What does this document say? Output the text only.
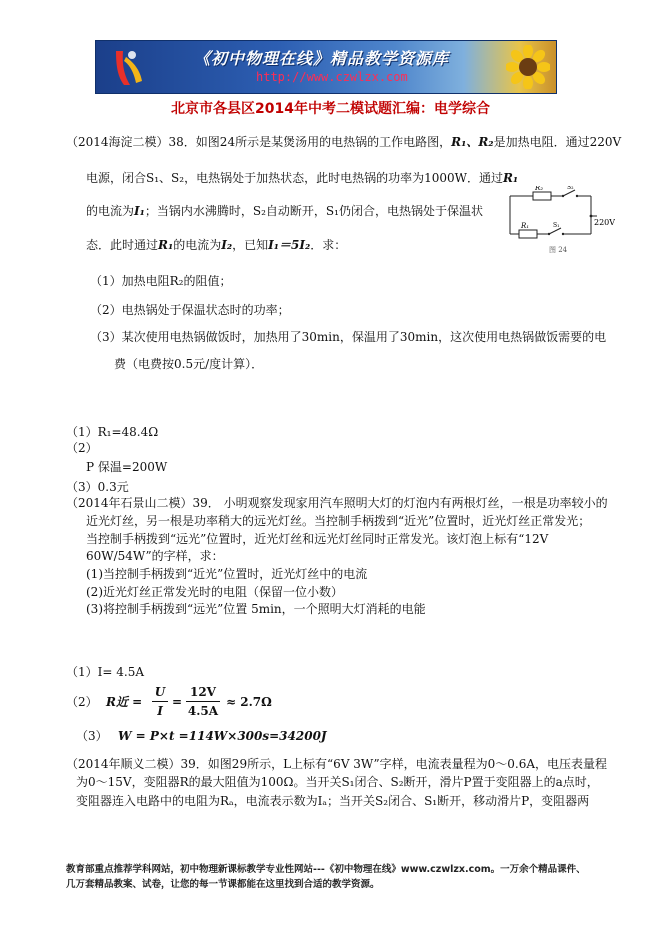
《初中物理在线》精品教学资源库
http://www.czwlzx.com
北京市各县区2014年中考二模试题汇编：电学综合
（2014海淀二模）38．如图24所示是某煲汤用的电热锅的工作电路图，R₁、R₂是加热电阻．通过220V
电源，闭合S₁、S₂，电热锅处于加热状态，此时电热锅的功率为1000W．通过R₁
的电流为I₁；当锅内水沸腾时，S₂自动断开，S₁仍闭合，电热锅处于保温状
态．此时通过R₁的电流为I₂，已知I₁＝5I₂．求：
R₂	S₂
R₁	S₁	220V
图 24
（1）加热电阻R₂的阻值；
（2）电热锅处于保温状态时的功率；
（3）某次使用电热锅做饭时，加热用了30min，保温用了30min，这次使用电热锅做饭需要的电
费（电费按0.5元/度计算）．
（1）R₁=48.4Ω
（2）
P 保温=200W
（3）0.3元
（2014年石景山二模）39． 小明观察发现家用汽车照明大灯的灯泡内有两根灯丝，一根是功率较小的
近光灯丝，另一根是功率稍大的远光灯丝。当控制手柄拨到“近光”位置时，近光灯丝正常发光；
当控制手柄拨到“远光”位置时，近光灯丝和远光灯丝同时正常发光。该灯泡上标有“12V
60W/54W”的字样，求：
(1)当控制手柄拨到“近光”位置时，近光灯丝中的电流
(2)近光灯丝正常发光时的电阻（保留一位小数）
(3)将控制手柄拨到“远光”位置 5min，一个照明大灯消耗的电能
（1）I= 4.5A
（2） R近 =
U
I
=
12V
4.5A
≈ 2.7Ω
（3） W = P×t =114W×300s=34200J
（2014年顺义二模）39．如图29所示，L上标有“6V 3W”字样，电流表量程为0～0.6A，电压表量程
为0～15V，变阻器R的最大阻值为100Ω。当开关S₁闭合、S₂断开，滑片P置于变阻器上的a点时，
变阻器连入电路中的电阻为Rₐ，电流表示数为Iₐ；当开关S₂闭合、S₁断开，移动滑片P，变阻器两
教育部重点推荐学科网站，初中物理新课标教学专业性网站---《初中物理在线》www.czwlzx.com。一万余个精品课件、
几万套精品教案、试卷，让您的每一节课都能在这里找到合适的教学资源。
